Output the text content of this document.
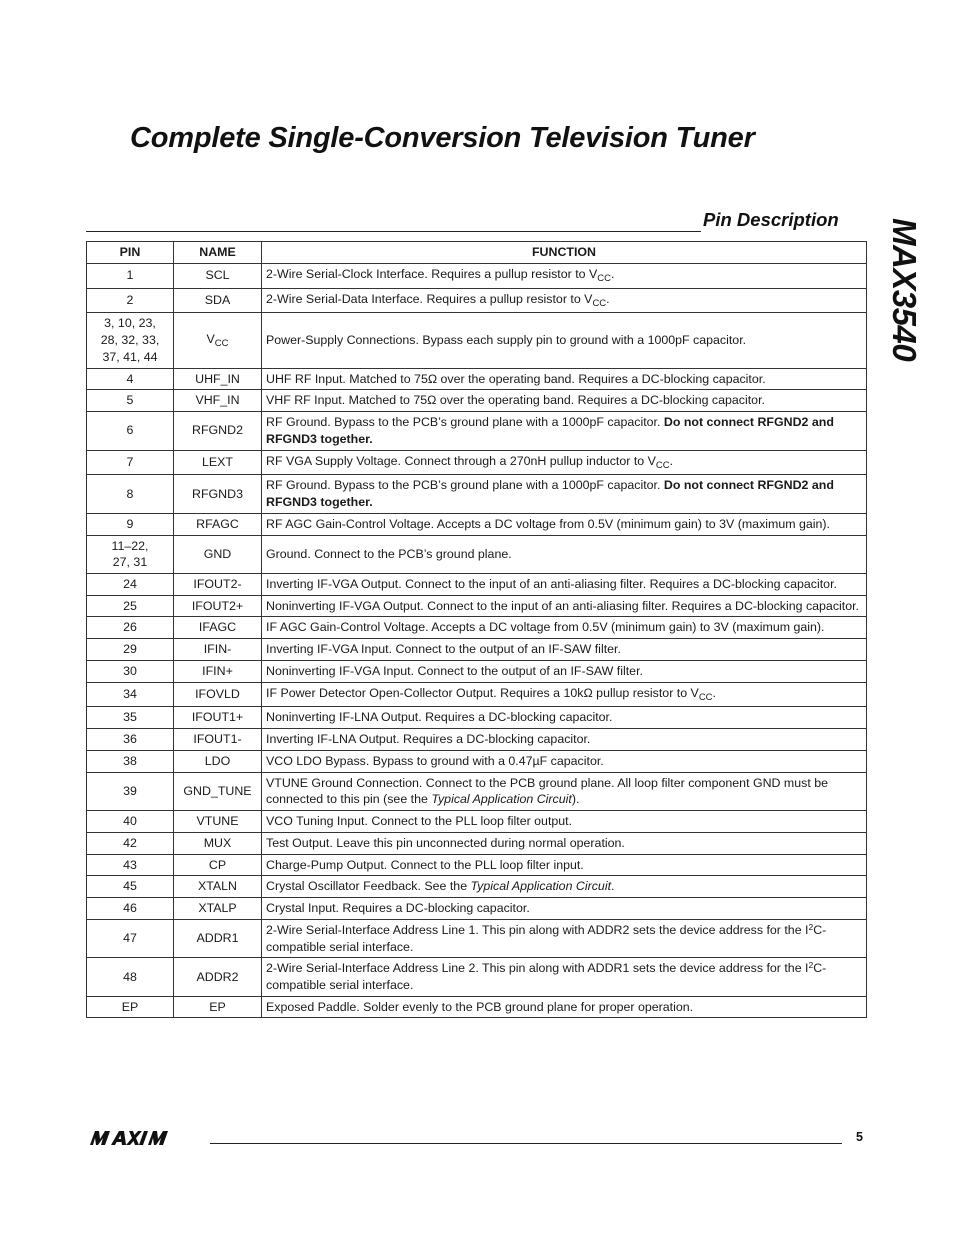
Complete Single-Conversion Television Tuner
Pin Description MAX3540
PIN	NAME	FUNCTION
1	SCL	2-Wire Serial-Clock Interface. Requires a pullup resistor to $V_{CC}$.
2	SDA	2-Wire Serial-Data Interface. Requires a pullup resistor to $V_{CC}$.
3, 10, 23,
28, 32, 33,
37, 41, 44	$V_{CC}$	Power-Supply Connections. Bypass each supply pin to ground with a 1000pF capacitor.
4	UHF_IN	UHF RF Input. Matched to 75Ω over the operating band. Requires a DC-blocking capacitor.
5	VHF_IN	VHF RF Input. Matched to 75Ω over the operating band. Requires a DC-blocking capacitor.
6	RFGND2	RF Ground. Bypass to the PCB’s ground plane with a 1000pF capacitor. Do not connect RFGND2 and RFGND3 together.
7	LEXT	RF VGA Supply Voltage. Connect through a 270nH pullup inductor to $V_{CC}$.
8	RFGND3	RF Ground. Bypass to the PCB’s ground plane with a 1000pF capacitor. Do not connect RFGND2 and RFGND3 together.
9	RFAGC	RF AGC Gain-Control Voltage. Accepts a DC voltage from 0.5V (minimum gain) to 3V (maximum gain).
11–22,
27, 31	GND	Ground. Connect to the PCB’s ground plane.
24	IFOUT2-	Inverting IF-VGA Output. Connect to the input of an anti-aliasing filter. Requires a DC-blocking capacitor.
25	IFOUT2+	Noninverting IF-VGA Output. Connect to the input of an anti-aliasing filter. Requires a DC-blocking capacitor.
26	IFAGC	IF AGC Gain-Control Voltage. Accepts a DC voltage from 0.5V (minimum gain) to 3V (maximum gain).
29	IFIN-	Inverting IF-VGA Input. Connect to the output of an IF-SAW filter.
30	IFIN+	Noninverting IF-VGA Input. Connect to the output of an IF-SAW filter.
34	IFOVLD	IF Power Detector Open-Collector Output. Requires a 10kΩ pullup resistor to $V_{CC}$.
35	IFOUT1+	Noninverting IF-LNA Output. Requires a DC-blocking capacitor.
36	IFOUT1-	Inverting IF-LNA Output. Requires a DC-blocking capacitor.
38	LDO	VCO LDO Bypass. Bypass to ground with a 0.47µF capacitor.
39	GND_TUNE	VTUNE Ground Connection. Connect to the PCB ground plane. All loop filter component GND must be connected to this pin (see the Typical Application Circuit).
40	VTUNE	VCO Tuning Input. Connect to the PLL loop filter output.
42	MUX	Test Output. Leave this pin unconnected during normal operation.
43	CP	Charge-Pump Output. Connect to the PLL loop filter input.
45	XTALN	Crystal Oscillator Feedback. See the Typical Application Circuit.
46	XTALP	Crystal Input. Requires a DC-blocking capacitor.
47	ADDR1	2-Wire Serial-Interface Address Line 1. This pin along with ADDR2 sets the device address for the $I^2C$-compatible serial interface.
48	ADDR2	2-Wire Serial-Interface Address Line 2. This pin along with ADDR1 sets the device address for the $I^2C$-compatible serial interface.
EP	EP	Exposed Paddle. Solder evenly to the PCB ground plane for proper operation.
5
